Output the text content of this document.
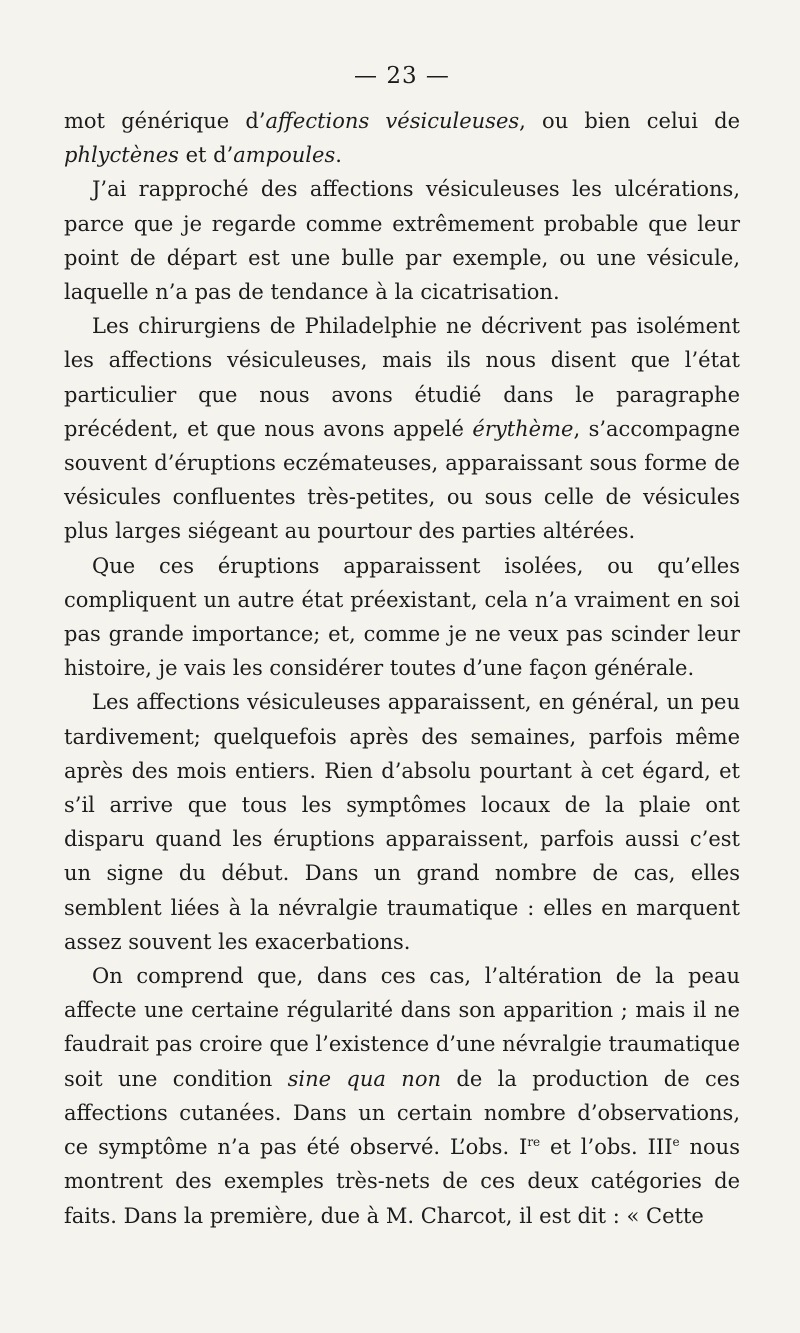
— 23 —

mot générique d’affections vésiculeuses, ou bien celui de phlyctènes et d’ampoules.

J’ai rapproché des affections vésiculeuses les ulcérations, parce que je regarde comme extrêmement probable que leur point de départ est une bulle par exemple, ou une vésicule, laquelle n’a pas de tendance à la cicatrisation.

Les chirurgiens de Philadelphie ne décrivent pas isolément les affections vésiculeuses, mais ils nous disent que l’état particulier que nous avons étudié dans le paragraphe précédent, et que nous avons appelé érythème, s’accompagne souvent d’éruptions eczémateuses, apparaissant sous forme de vésicules confluentes très-petites, ou sous celle de vésicules plus larges siégeant au pourtour des parties altérées.

Que ces éruptions apparaissent isolées, ou qu’elles compliquent un autre état préexistant, cela n’a vraiment en soi pas grande importance; et, comme je ne veux pas scinder leur histoire, je vais les considérer toutes d’une façon générale.

Les affections vésiculeuses apparaissent, en général, un peu tardivement; quelquefois après des semaines, parfois même après des mois entiers. Rien d’absolu pourtant à cet égard, et s’il arrive que tous les symptômes locaux de la plaie ont disparu quand les éruptions apparaissent, parfois aussi c’est un signe du début. Dans un grand nombre de cas, elles semblent liées à la névralgie traumatique : elles en marquent assez souvent les exacerbations.

On comprend que, dans ces cas, l’altération de la peau affecte une certaine régularité dans son apparition ; mais il ne faudrait pas croire que l’existence d’une névralgie traumatique soit une condition sine qua non de la production de ces affections cutanées. Dans un certain nombre d’observations, ce symptôme n’a pas été observé. L’obs. Ire et l’obs. IIIe nous montrent des exemples très-nets de ces deux catégories de faits. Dans la première, due à M. Charcot, il est dit : « Cette
